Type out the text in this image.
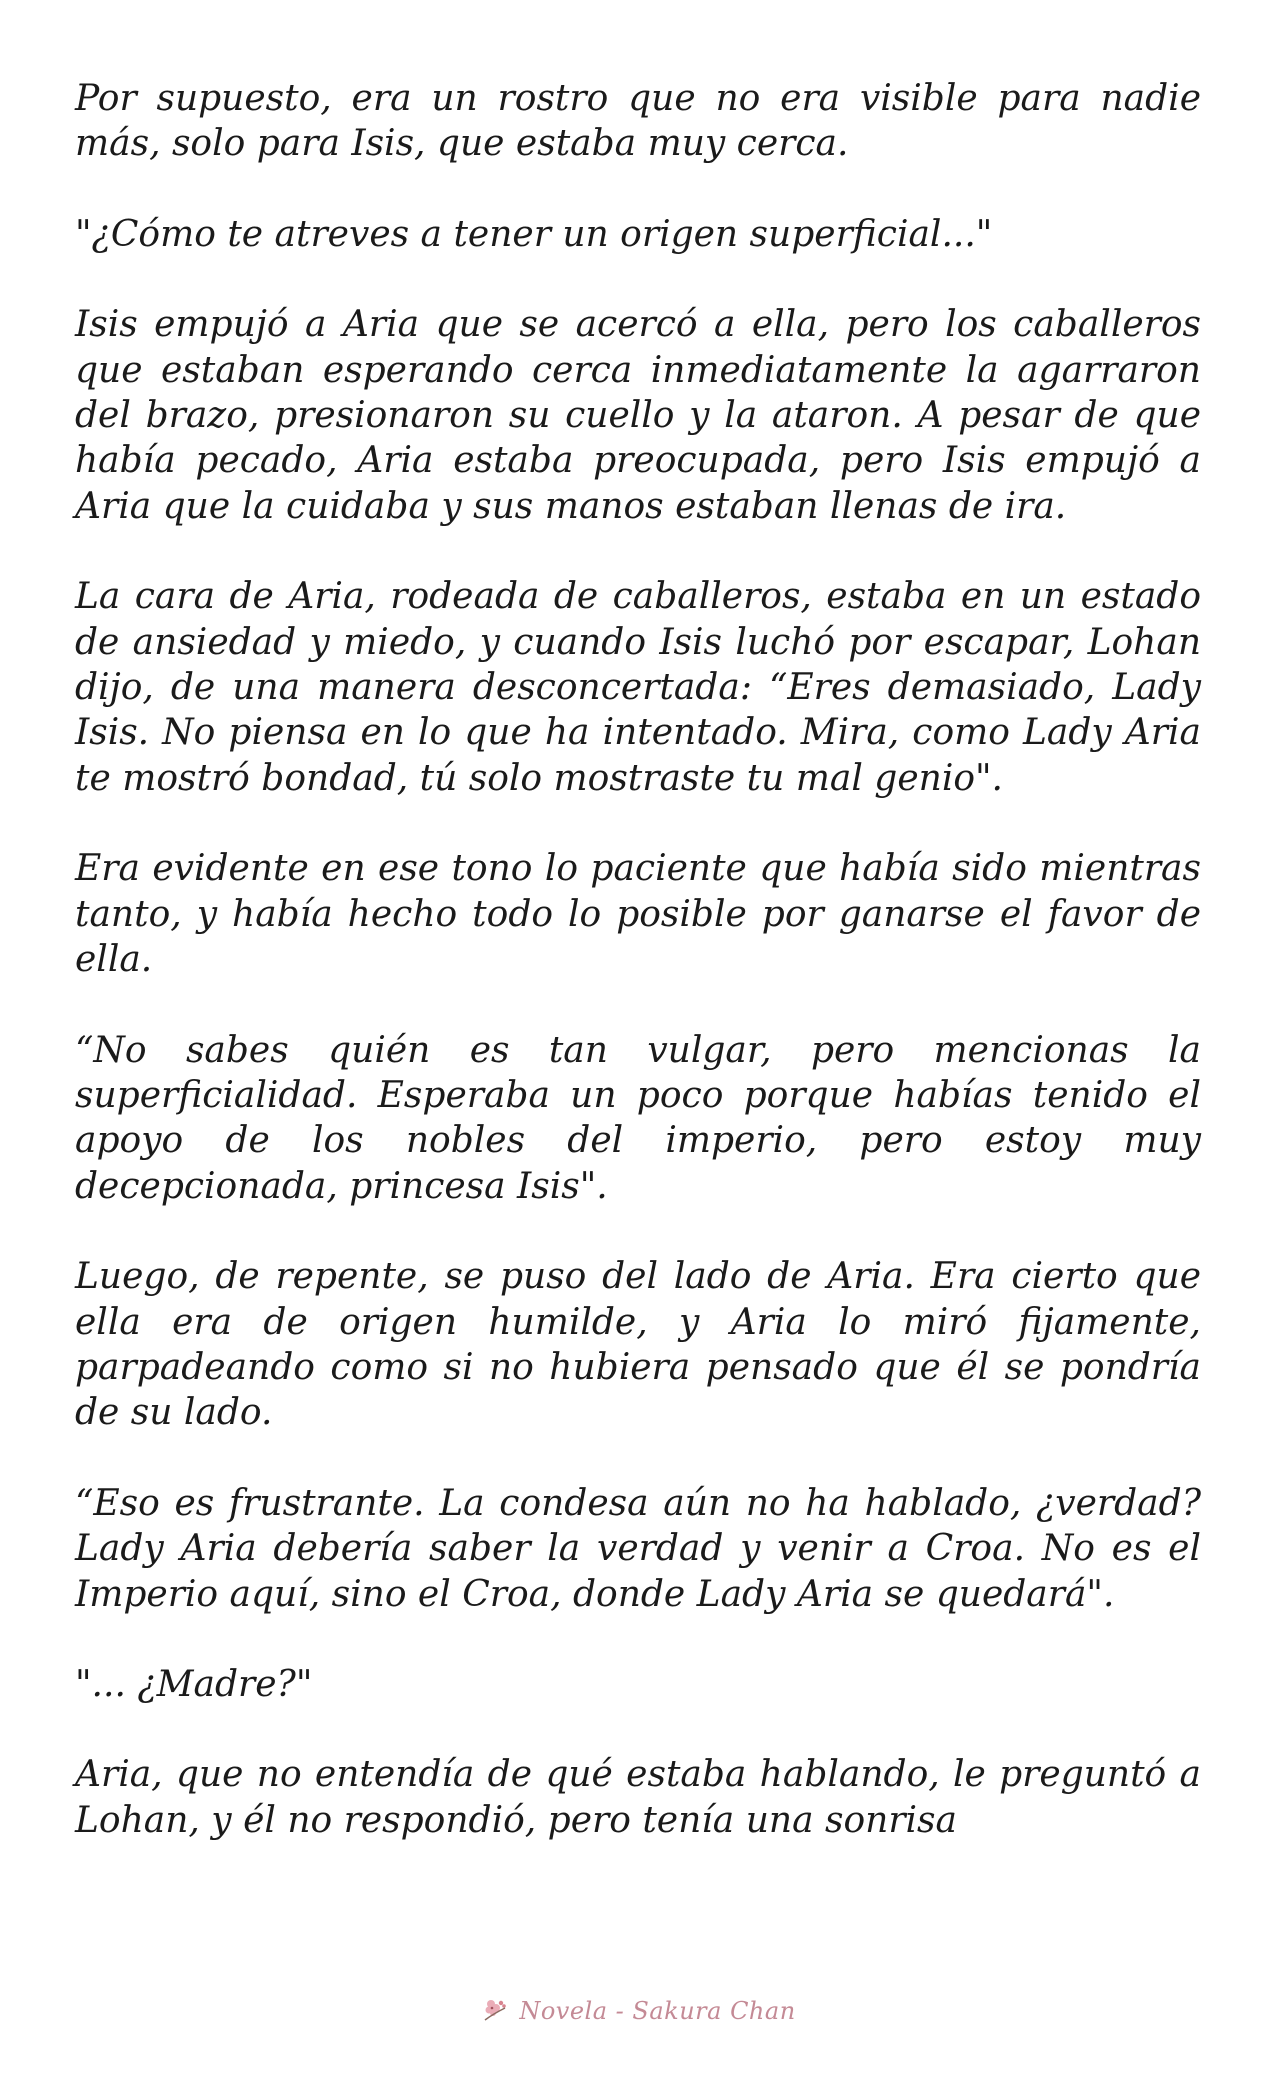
Por supuesto, era un rostro que no era visible para nadie más, solo para Isis, que estaba muy cerca.

"¿Cómo te atreves a tener un origen superficial..."

Isis empujó a Aria que se acercó a ella, pero los caballeros que estaban esperando cerca inmediatamente la agarraron del brazo, presionaron su cuello y la ataron. A pesar de que había pecado, Aria estaba preocupada, pero Isis empujó a Aria que la cuidaba y sus manos estaban llenas de ira.

La cara de Aria, rodeada de caballeros, estaba en un estado de ansiedad y miedo, y cuando Isis luchó por escapar, Lohan dijo, de una manera desconcertada: “Eres demasiado, Lady Isis. No piensa en lo que ha intentado. Mira, como Lady Aria te mostró bondad, tú solo mostraste tu mal genio".

Era evidente en ese tono lo paciente que había sido mientras tanto, y había hecho todo lo posible por ganarse el favor de ella.

“No sabes quién es tan vulgar, pero mencionas la superficialidad. Esperaba un poco porque habías tenido el apoyo de los nobles del imperio, pero estoy muy decepcionada, princesa Isis".

Luego, de repente, se puso del lado de Aria. Era cierto que ella era de origen humilde, y Aria lo miró fijamente, parpadeando como si no hubiera pensado que él se pondría de su lado.

“Eso es frustrante. La condesa aún no ha hablado, ¿verdad? Lady Aria debería saber la verdad y venir a Croa. No es el Imperio aquí, sino el Croa, donde Lady Aria se quedará".

"... ¿Madre?"

Aria, que no entendía de qué estaba hablando, le preguntó a Lohan, y él no respondió, pero tenía una sonrisa

Novela - Sakura Chan
